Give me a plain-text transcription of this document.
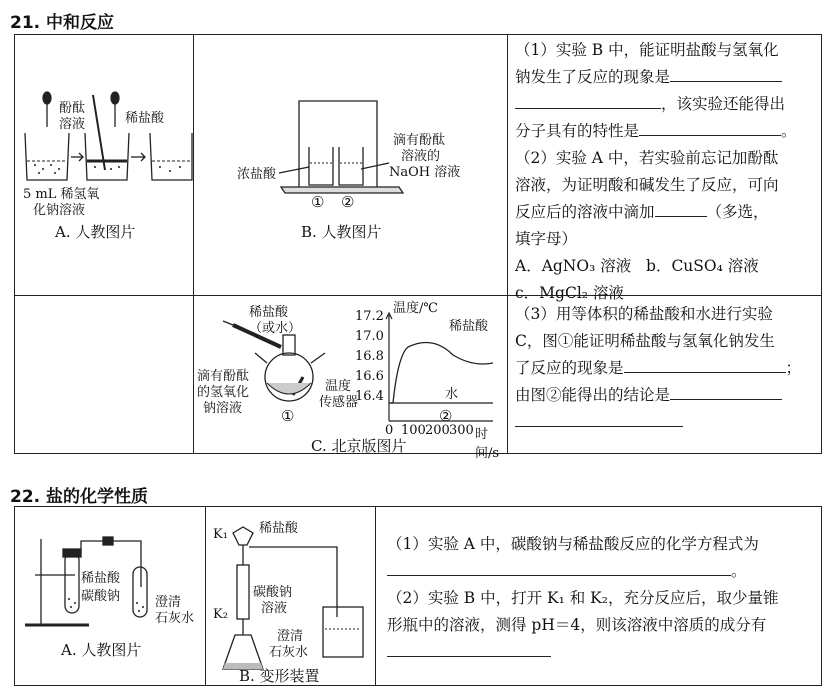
21. 中和反应
酚酞
溶液	稀盐酸
5 mL 稀氢氧
化钠溶液
A. 人教图片
浓盐酸
滴有酚酞
溶液的
NaOH 溶液
① ②
B. 人教图片
（1）实验 B 中，能证明盐酸与氢氧化
钠发生了反应的现象是
，该实验还能得出
分子具有的特性是	。
（2）实验 A 中，若实验前忘记加酚酞
溶液，为证明酸和碱发生了反应，可向
反应后的溶液中滴加	（多选，
填字母）
A．AgNO₃ 溶液 b．CuSO₄ 溶液
c．MgCl₂ 溶液
稀盐酸
（或水）
滴有酚酞
的氢氧化
钠溶液
温度
传感器
①	②
温度/℃
17.2
17.0
16.8
16.6
16.4
0 100 200 300 时间/s
稀盐酸
水
C. 北京版图片
（3）用等体积的稀盐酸和水进行实验
C，图①能证明稀盐酸与氢氧化钠发生
了反应的现象是	；
由图②能得出的结论是
22. 盐的化学性质
稀盐酸
碳酸钠	澄清
石灰水
A. 人教图片
K₁
K₂
稀盐酸
碳酸钠
溶液
澄清
石灰水
B. 变形装置
（1）实验 A 中，碳酸钠与稀盐酸反应的化学方程式为
。
（2）实验 B 中，打开 K₁ 和 K₂，充分反应后，取少量锥
形瓶中的溶液，测得 pH＝4，则该溶液中溶质的成分有
